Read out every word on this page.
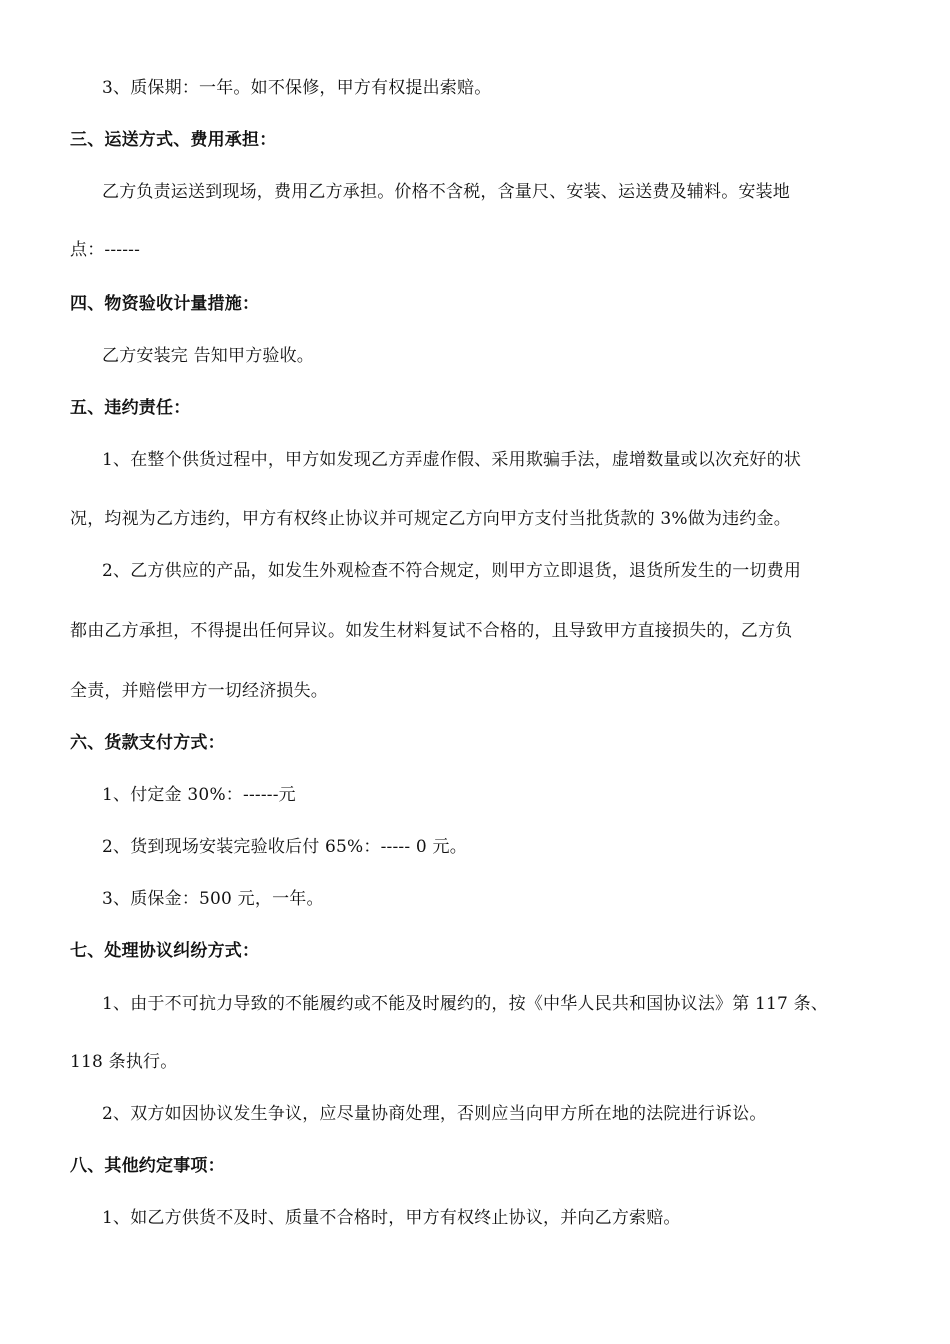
3、质保期：一年。如不保修，甲方有权提出索赔。
三、运送方式、费用承担：
乙方负责运送到现场，费用乙方承担。价格不含税，含量尺、安装、运送费及辅料。安装地
点：------
四、物资验收计量措施：
乙方安装完 告知甲方验收。
五、违约责任：
1、在整个供货过程中，甲方如发现乙方弄虚作假、采用欺骗手法，虚增数量或以次充好的状
况，均视为乙方违约，甲方有权终止协议并可规定乙方向甲方支付当批货款的 3%做为违约金。
2、乙方供应的产品，如发生外观检查不符合规定，则甲方立即退货，退货所发生的一切费用
都由乙方承担，不得提出任何异议。如发生材料复试不合格的，且导致甲方直接损失的，乙方负
全责，并赔偿甲方一切经济损失。
六、货款支付方式：
1、付定金 30%：------元
2、货到现场安装完验收后付 65%：----- 0 元。
3、质保金：500 元，一年。
七、处理协议纠纷方式：
1、由于不可抗力导致的不能履约或不能及时履约的，按《中华人民共和国协议法》第 117 条、
118 条执行。
2、双方如因协议发生争议，应尽量协商处理，否则应当向甲方所在地的法院进行诉讼。
八、其他约定事项：
1、如乙方供货不及时、质量不合格时，甲方有权终止协议，并向乙方索赔。
